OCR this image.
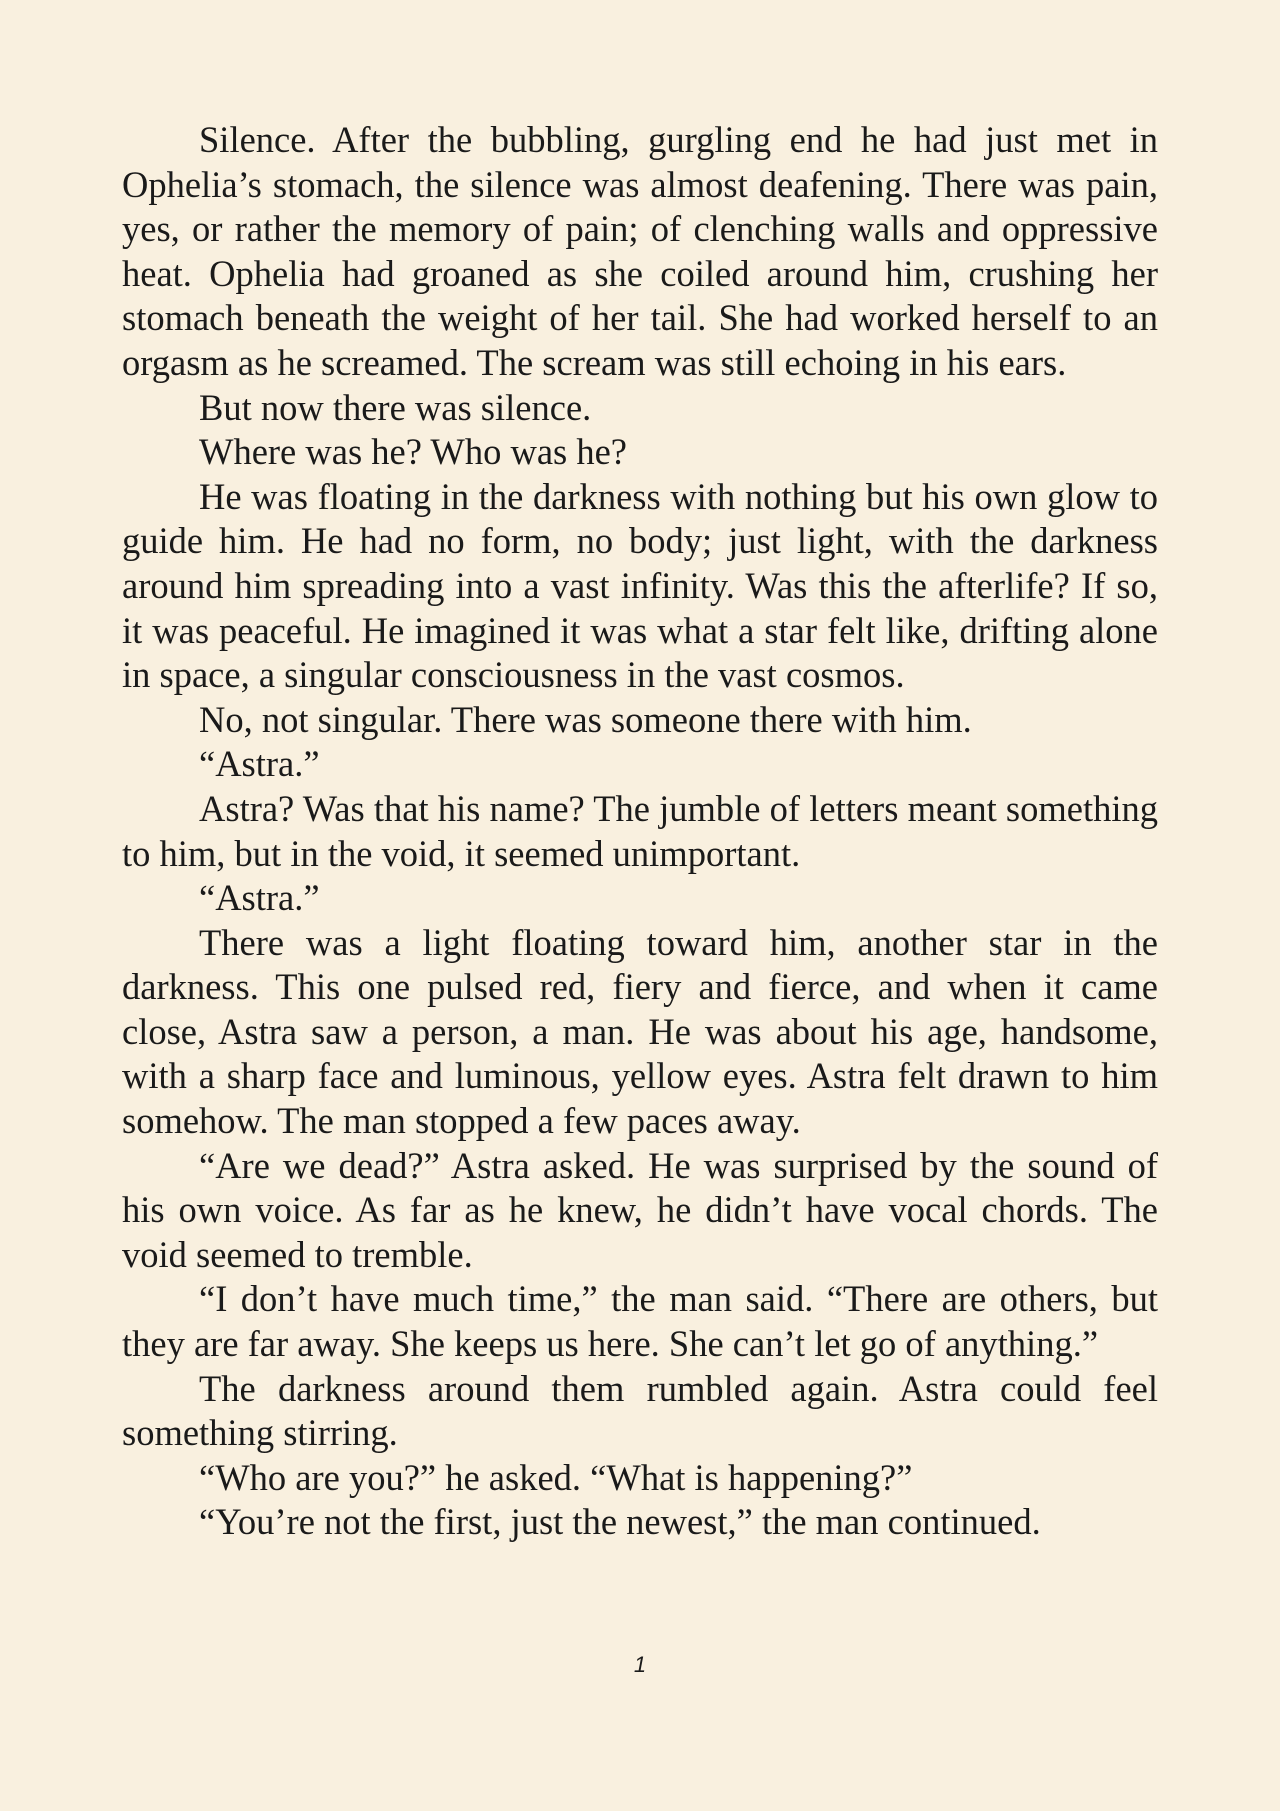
Silence. After the bubbling, gurgling end he had just met in Ophelia’s stomach, the silence was almost deafening. There was pain, yes, or rather the memory of pain; of clenching walls and oppressive heat. Ophelia had groaned as she coiled around him, crushing her stomach beneath the weight of her tail. She had worked herself to an orgasm as he screamed. The scream was still echoing in his ears.

But now there was silence.

Where was he? Who was he?

He was floating in the darkness with nothing but his own glow to guide him. He had no form, no body; just light, with the darkness around him spreading into a vast infinity. Was this the afterlife? If so, it was peaceful. He imagined it was what a star felt like, drifting alone in space, a singular consciousness in the vast cosmos.

No, not singular. There was someone there with him.

“Astra.”

Astra? Was that his name? The jumble of letters meant something to him, but in the void, it seemed unimportant.

“Astra.”

There was a light floating toward him, another star in the darkness. This one pulsed red, fiery and fierce, and when it came close, Astra saw a person, a man. He was about his age, handsome, with a sharp face and luminous, yellow eyes. Astra felt drawn to him somehow. The man stopped a few paces away.

“Are we dead?” Astra asked. He was surprised by the sound of his own voice. As far as he knew, he didn’t have vocal chords. The void seemed to tremble.

“I don’t have much time,” the man said. “There are others, but they are far away. She keeps us here. She can’t let go of anything.”

The darkness around them rumbled again. Astra could feel something stirring.

“Who are you?” he asked. “What is happening?”

“You’re not the first, just the newest,” the man continued.

1
